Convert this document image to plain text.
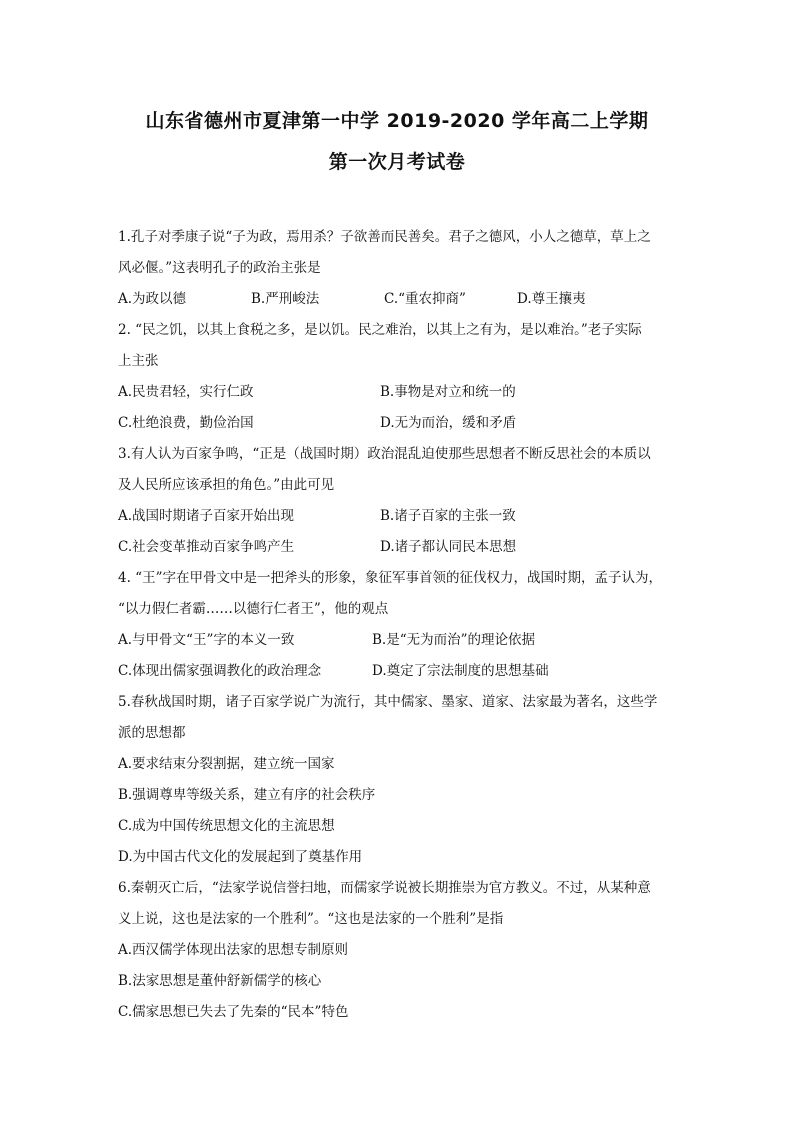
山东省德州市夏津第一中学 2019-2020 学年高二上学期
第一次月考试卷
1.孔子对季康子说“子为政，焉用杀？子欲善而民善矣。君子之德风，小人之德草，草上之
风必偃。”这表明孔子的政治主张是
A.为政以德	B.严刑峻法	C.“重农抑商”	D.尊王攘夷
2. “民之饥，以其上食税之多，是以饥。民之难治，以其上之有为，是以难治。”老子实际
上主张
A.民贵君轻，实行仁政	B.事物是对立和统一的
C.杜绝浪费，勤俭治国	D.无为而治，缓和矛盾
3.有人认为百家争鸣，“正是（战国时期）政治混乱迫使那些思想者不断反思社会的本质以
及人民所应该承担的角色。”由此可见
A.战国时期诸子百家开始出现	B.诸子百家的主张一致
C.社会变革推动百家争鸣产生	D.诸子都认同民本思想
4. “王”字在甲骨文中是一把斧头的形象，象征军事首领的征伐权力，战国时期，孟子认为，
“以力假仁者霸……以德行仁者王”，他的观点
A.与甲骨文“王”字的本义一致	B.是“无为而治”的理论依据
C.体现出儒家强调教化的政治理念	D.奠定了宗法制度的思想基础
5.春秋战国时期，诸子百家学说广为流行，其中儒家、墨家、道家、法家最为著名，这些学
派的思想都
A.要求结束分裂割据，建立统一国家
B.强调尊卑等级关系，建立有序的社会秩序
C.成为中国传统思想文化的主流思想
D.为中国古代文化的发展起到了奠基作用
6.秦朝灭亡后，“法家学说信誉扫地，而儒家学说被长期推崇为官方教义。不过，从某种意
义上说，这也是法家的一个胜利”。“这也是法家的一个胜利”是指
A.西汉儒学体现出法家的思想专制原则
B.法家思想是董仲舒新儒学的核心
C.儒家思想已失去了先秦的“民本”特色
